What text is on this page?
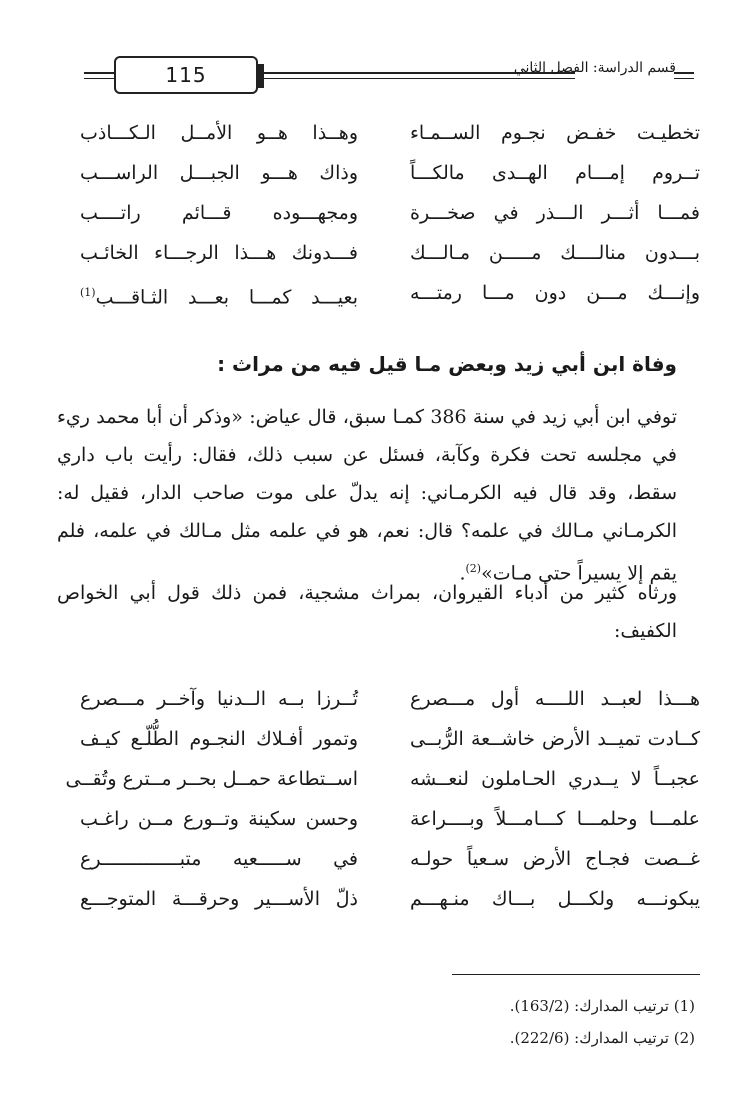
115	قسم الدراسة: الفصل الثاني
تخطيـت خفـض نجـوم الســمـاء
وهــذا هــو الأمــل الـكـــاذب
تــروم إمـــام الهــدى مالكـــاً
وذاك هـــو الجبـــل الراســـب
فمـــا أثـــر الـــذر في صخـــرة
ومجهـــوده قـــائم راتــــب
بـــدون منالــــك مـــــن مـالـــك
فـــدونك هـــذا الرجـــاء الخائـب
وإنـــك مـــن دون مـــا رمتـــه
بعيـــد كمـــا بعـــد الثـاقـــب$^{(1)}$
وفاة ابن أبي زيد وبعض مـا قيل فيه من مراث :

توفي ابن أبي زيد في سنة 386 كمـا سبق، قال عياض: «وذكر أن أبا محمد ريء في مجلسه تحت فكرة وكآبة، فسئل عن سبب ذلك، فقال: رأيت باب داري سقط، وقد قال فيه الكرمـاني: إنه يدلّ على موت صاحب الدار، فقيل له: الكرمـاني مـالك في علمه؟ قال: نعم، هو في علمه مثل مـالك في علمه، فلم يقم إلا يسيراً حتى مـات»$^{(2)}$.

ورثاه كثير من أدباء القيروان، بمراث مشجية، فمن ذلك قول أبي الخواص الكفيف:

هـــذا لعبــد اللــــه أول مـــصرع
تُــرزا بــه الــدنيا وآخــر مـــصرع
كــادت تميــد الأرض خاشــعة الرُّبــى
وتمور أفـلاك النجـوم الطُّلّـع كيـف
عجبــاً لا يــدري الحـاملون لنعــشه
اســتطاعة حمــل بحــر مــترع وتُقــى
علمـــا وحلمـــا كـــامـــلاً وبــــراعة
وحسن سكينة وتــورع مــن راغـب
غــصت فجـاج الأرض سـعياً حولـه
في ســـــعيه متبــــــــــــــرع
يبكونـــه ولكـــل بـــاك منـهـــم
ذلّ الأســـير وحرقـــة المتوجـــع
(1) ترتيب المدارك: (163/2).
(2) ترتيب المدارك: (222/6).
